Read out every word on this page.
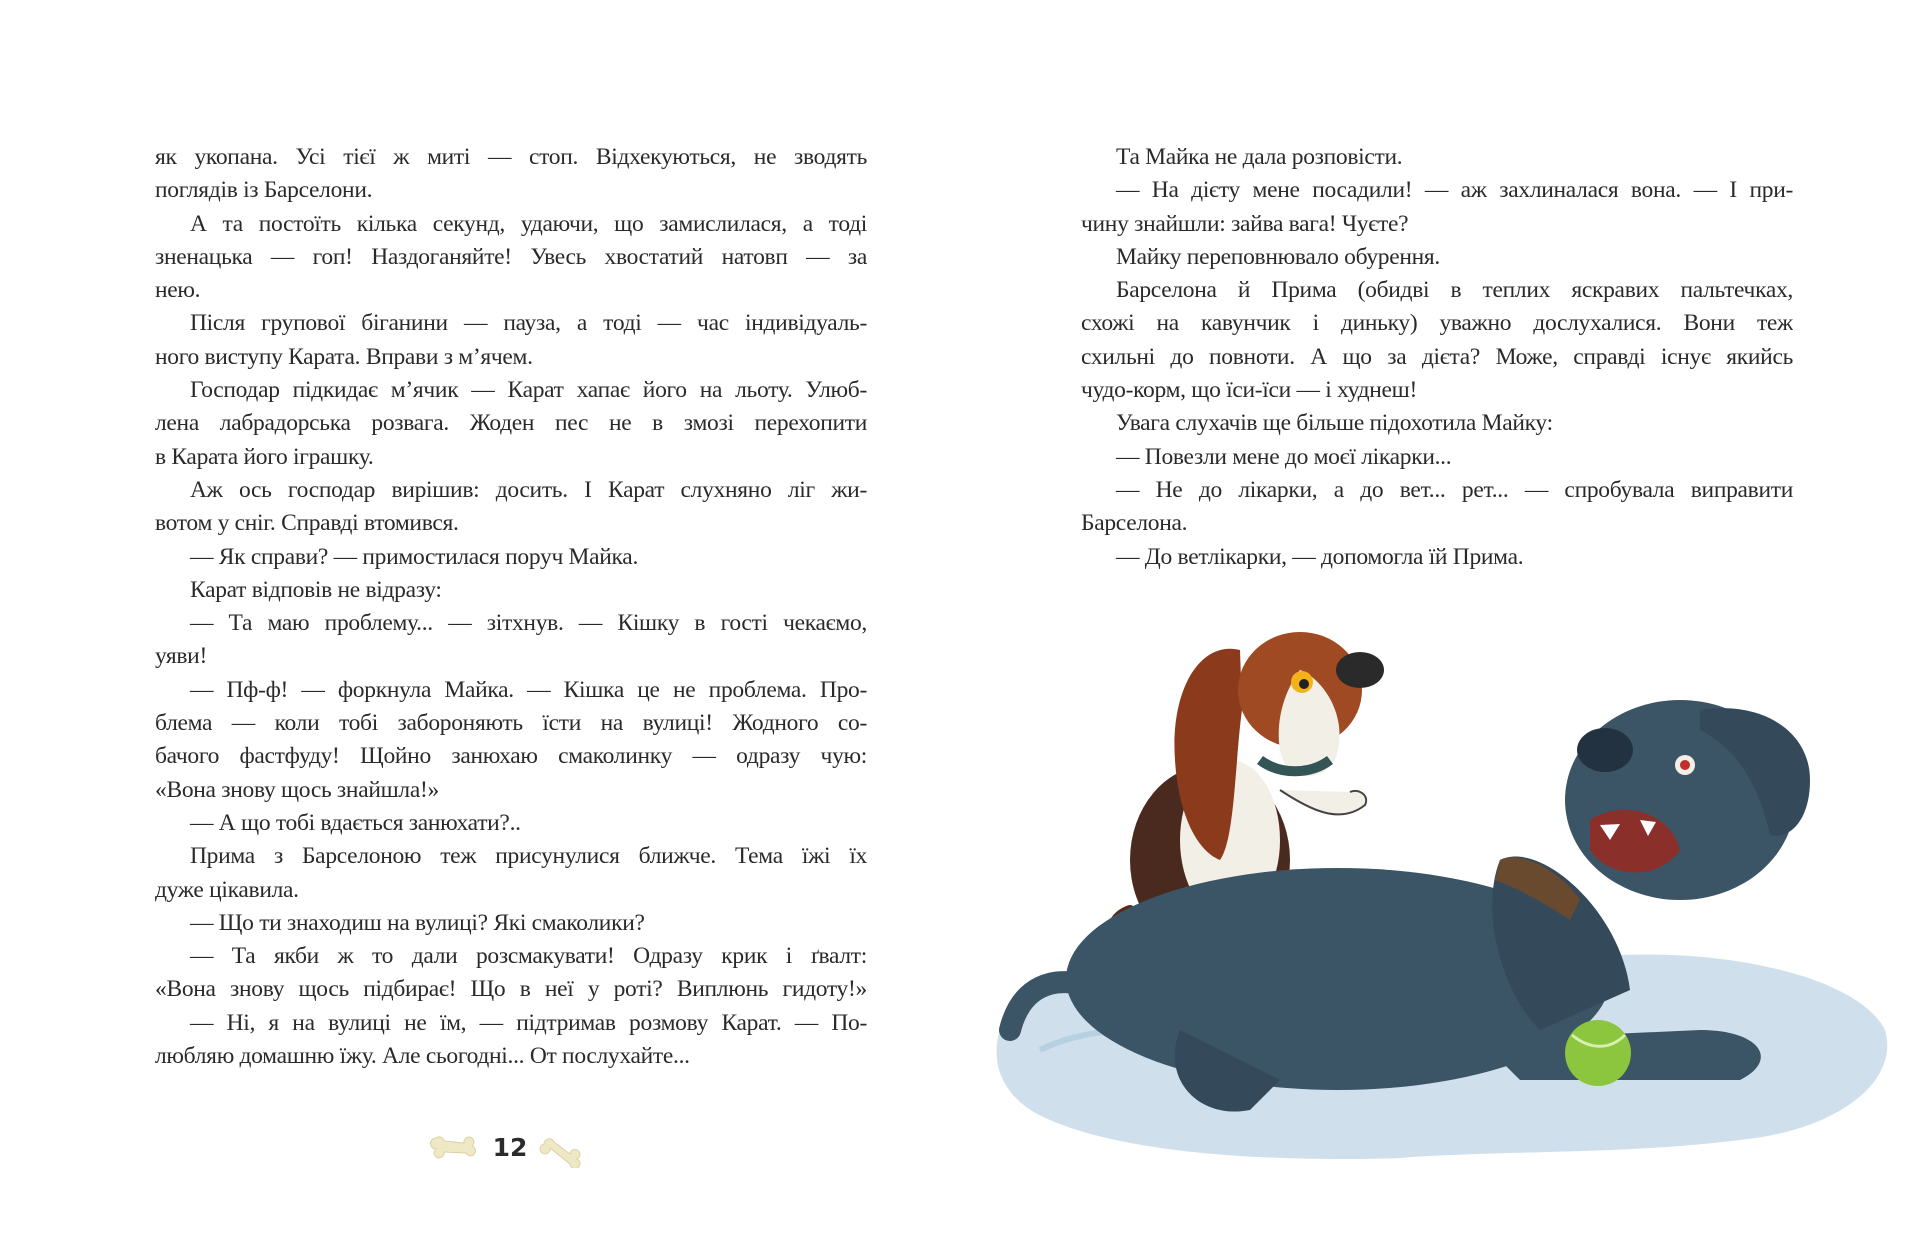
як укопана. Усі тієї ж миті — стоп. Відхекуються, не зводять
поглядів із Барселони.
А та постоїть кілька секунд, удаючи, що замислилася, а тоді
зненацька — гоп! Наздоганяйте! Увесь хвостатий натовп — за
нею.
Після групової біганини — пауза, а тоді — час індивідуаль-
ного виступу Карата. Вправи з м’ячем.
Господар підкидає м’ячик — Карат хапає його на льоту. Улюб-
лена лабрадорська розвага. Жоден пес не в змозі перехопити
в Карата його іграшку.
Аж ось господар вирішив: досить. І Карат слухняно ліг жи-
вотом у сніг. Справді втомився.
— Як справи? — примостилася поруч Майка.
Карат відповів не відразу:
— Та маю проблему... — зітхнув. — Кішку в гості чекаємо,
уяви!
— Пф-ф! — форкнула Майка. — Кішка це не проблема. Про-
блема — коли тобі забороняють їсти на вулиці! Жодного со-
бачого фастфуду! Щойно занюхаю смаколинку — одразу чую:
«Вона знову щось знайшла!»
— А що тобі вдається занюхати?..
Прима з Барселоною теж присунулися ближче. Тема їжі їх
дуже цікавила.
— Що ти знаходиш на вулиці? Які смаколики?
— Та якби ж то дали розсмакувати! Одразу крик і ґвалт:
«Вона знову щось підбирає! Що в неї у роті? Виплюнь гидоту!»
— Ні, я на вулиці не їм, — підтримав розмову Карат. — По-
любляю домашню їжу. Але сьогодні... От послухайте...
Та Майка не дала розповісти.
— На дієту мене посадили! — аж захлиналася вона. — І при-
чину знайшли: зайва вага! Чуєте?
Майку переповнювало обурення.
Барселона й Прима (обидві в теплих яскравих пальтечках,
схожі на кавунчик і диньку) уважно дослухалися. Вони теж
схильні до повноти. А що за дієта? Може, справді існує якийсь
чудо-корм, що їси-їси — і худнеш!
Увага слухачів ще більше підохотила Майку:
— Повезли мене до моєї лікарки...
— Не до лікарки, а до вет... рет... — спробувала виправити
Барселона.
— До ветлікарки, — допомогла їй Прима.
12
